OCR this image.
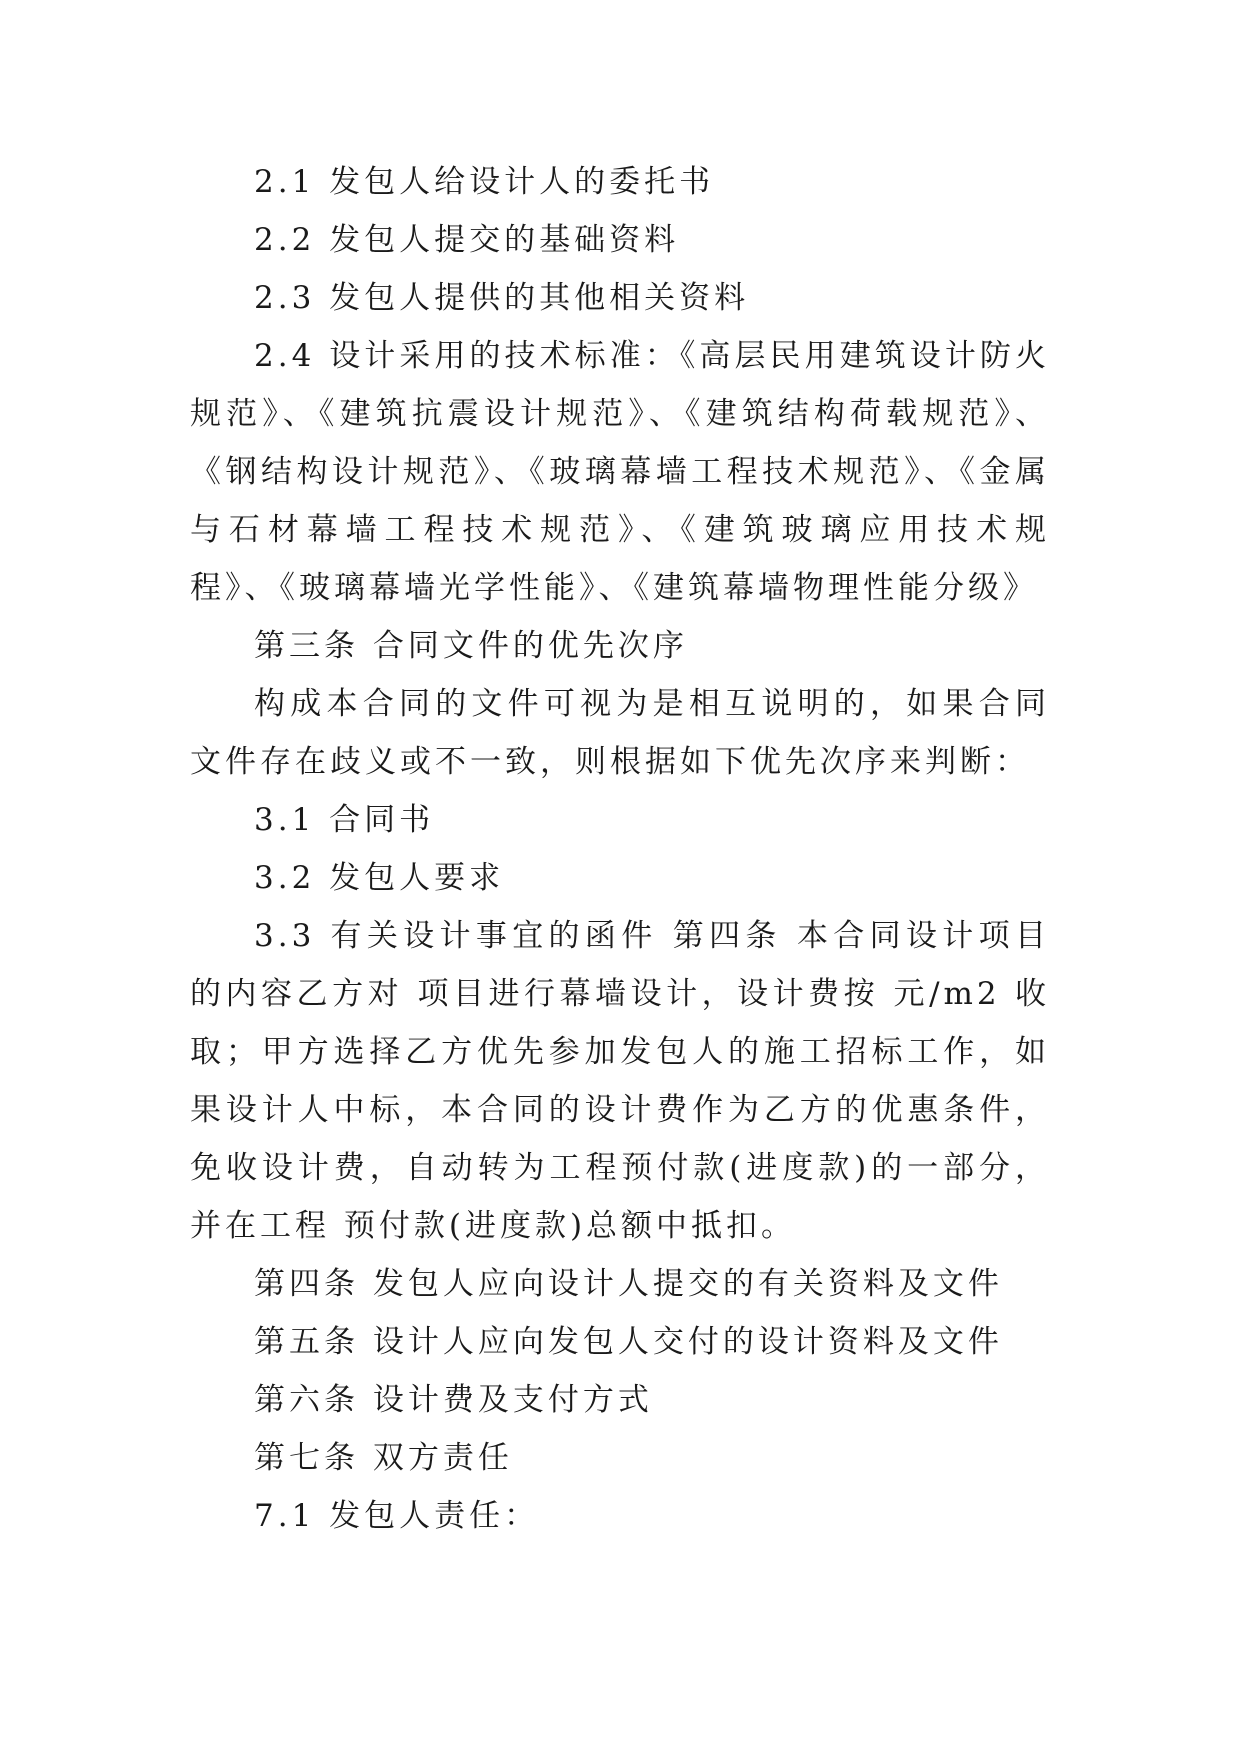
2.1 发包人给设计人的委托书

2.2 发包人提交的基础资料

2.3 发包人提供的其他相关资料

2.4 设计采用的技术标准：《高层民用建筑设计防火规范》、《建筑抗震设计规范》、《建筑结构荷载规范》、《钢结构设计规范》、《玻璃幕墙工程技术规范》、《金属与石材幕墙工程技术规范》、《建筑玻璃应用技术规程》、《玻璃幕墙光学性能》、《建筑幕墙物理性能分级》

第三条 合同文件的优先次序

构成本合同的文件可视为是相互说明的，如果合同文件存在歧义或不一致，则根据如下优先次序来判断：

3.1 合同书

3.2 发包人要求

3.3 有关设计事宜的函件 第四条 本合同设计项目的内容乙方对 项目进行幕墙设计，设计费按 元/m2 收取；甲方选择乙方优先参加发包人的施工招标工作，如果设计人中标，本合同的设计费作为乙方的优惠条件，免收设计费，自动转为工程预付款(进度款)的一部分，并在工程 预付款(进度款)总额中抵扣。

第四条 发包人应向设计人提交的有关资料及文件

第五条 设计人应向发包人交付的设计资料及文件

第六条 设计费及支付方式

第七条 双方责任

7.1 发包人责任：
